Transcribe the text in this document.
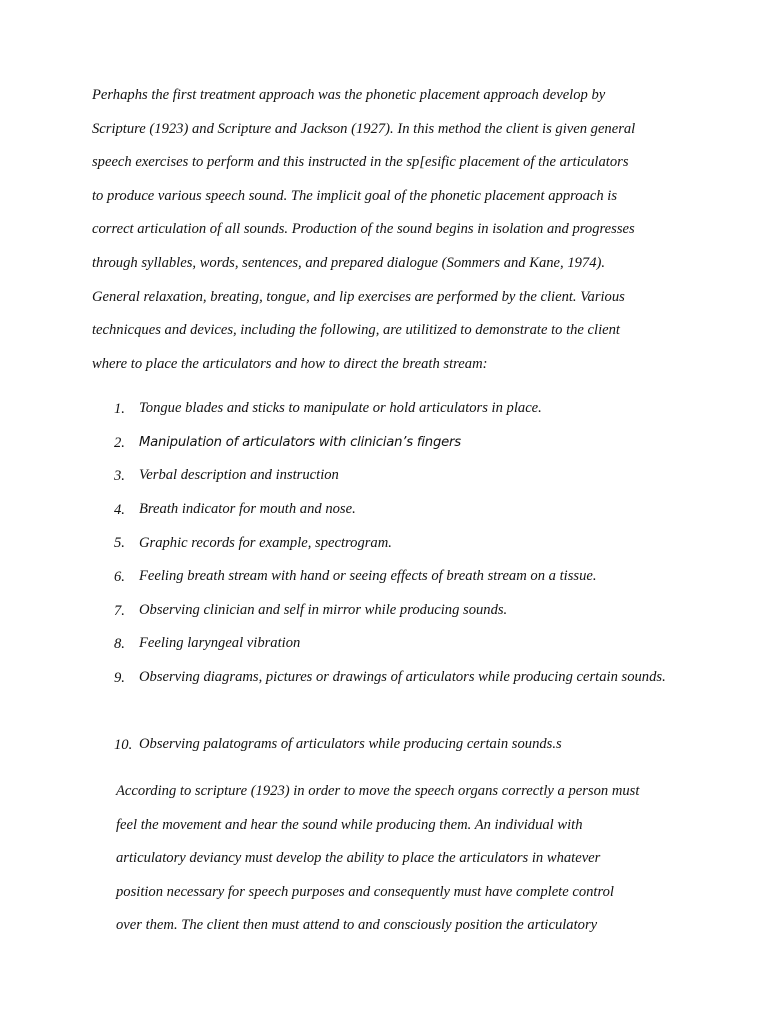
Perhaphs the first treatment approach was the phonetic placement approach develop by
Scripture (1923) and Scripture and Jackson (1927). In this method the client is given general
speech exercises to perform and this instructed in the sp[esific placement of the articulators
to produce various speech sound. The implicit goal of the phonetic placement approach is
correct articulation of all sounds. Production of the sound begins in isolation and progresses
through syllables, words, sentences, and prepared dialogue (Sommers and Kane, 1974).
General relaxation, breating, tongue, and lip exercises are performed by the client. Various
technicques and devices, including the following, are utilitized to demonstrate to the client
where to place the articulators and how to direct the breath stream:
1. Tongue blades and sticks to manipulate or hold articulators in place.
2.	Manipulation of articulators with clinician’s fingers
3. Verbal description and instruction
4. Breath indicator for mouth and nose.
5. Graphic records for example, spectrogram.
6. Feeling breath stream with hand or seeing effects of breath stream on a tissue.
7. Observing clinician and self in mirror while producing sounds.
8. Feeling laryngeal vibration
9. Observing diagrams, pictures or drawings of articulators while producing certain sounds.
10. Observing palatograms of articulators while producing certain sounds.s
According to scripture (1923) in order to move the speech organs correctly a person must
feel the movement and hear the sound while producing them. An individual with
articulatory deviancy must develop the ability to place the articulators in whatever
position necessary for speech purposes and consequently must have complete control
over them. The client then must attend to and consciously position the articulatory
